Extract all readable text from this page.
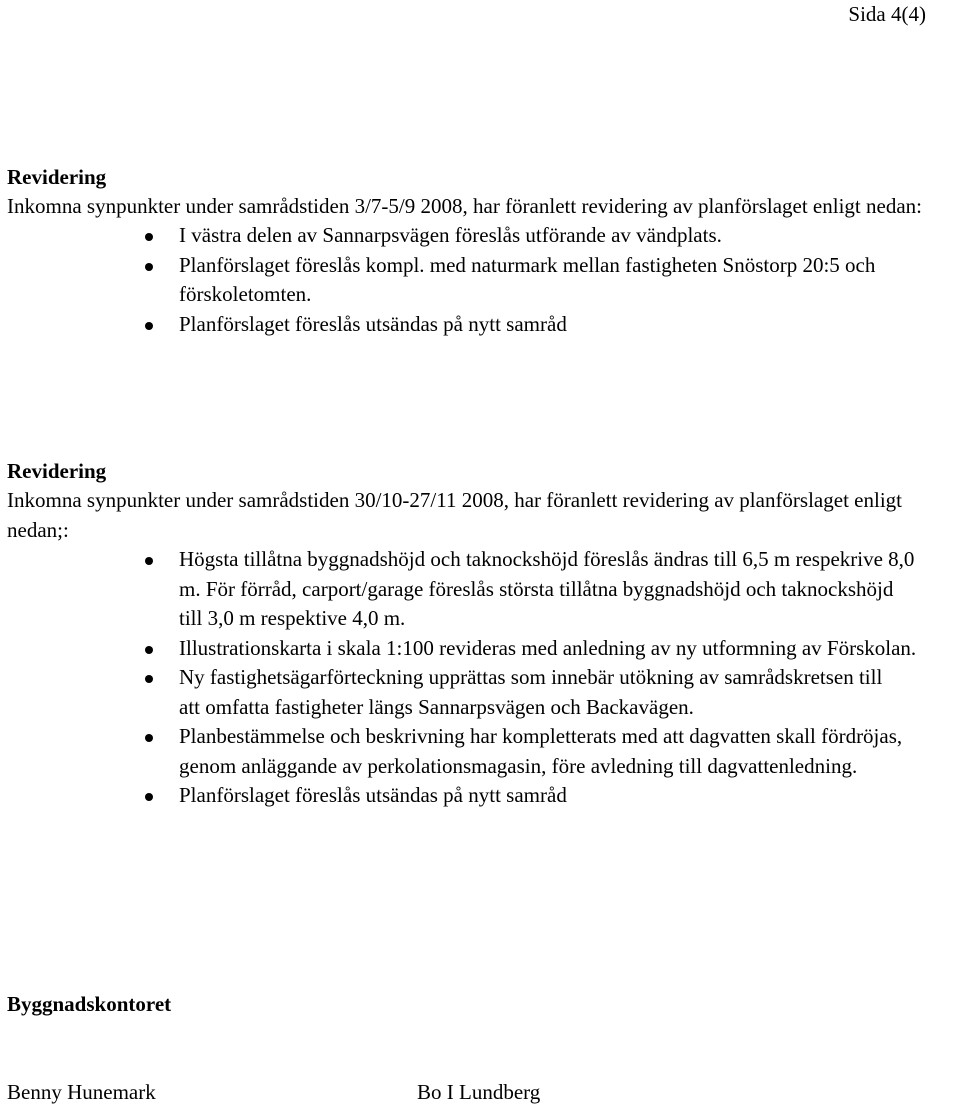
Sida 4(4)

Revidering

Inkomna synpunkter under samrådstiden 3/7-5/9 2008, har föranlett revidering av planförslaget enligt nedan:

I västra delen av Sannarpsvägen föreslås utförande av vändplats.
Planförslaget föreslås kompl. med naturmark mellan fastigheten Snöstorp 20:5 och förskoletomten.
Planförslaget föreslås utsändas på nytt samråd

Revidering

Inkomna synpunkter under samrådstiden 30/10-27/11 2008, har föranlett revidering av planförslaget enligt nedan;:

Högsta tillåtna byggnadshöjd och taknockshöjd föreslås ändras till 6,5 m respekrive 8,0 m. För förråd, carport/garage föreslås största tillåtna byggnadshöjd och taknockshöjd till 3,0 m respektive 4,0 m.
Illustrationskarta i skala 1:100 revideras med anledning av ny utformning av Förskolan.
Ny fastighetsägarförteckning upprättas som innebär utökning av samrådskretsen till att omfatta fastigheter längs Sannarpsvägen och Backavägen.
Planbestämmelse och beskrivning har kompletterats med att dagvatten skall fördröjas, genom anläggande av perkolationsmagasin, före avledning till dagvattenledning.
Planförslaget föreslås utsändas på nytt samråd
Byggnadskontoret
Benny Hunemark	Bo I Lundberg
